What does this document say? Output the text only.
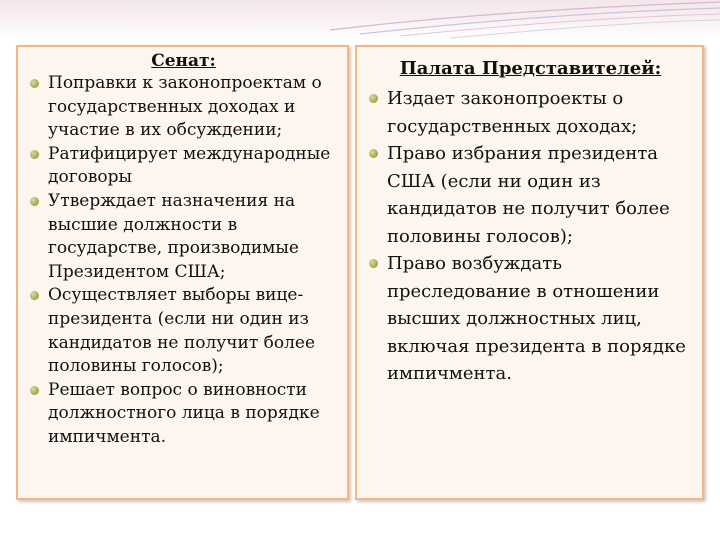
Сенат:

Поправки к законопроектам о государственных доходах и участие в их обсуждении;
Ратифицирует международные договоры
Утверждает назначения на высшие должности в государстве, производимые Президентом США;
Осуществляет выборы вице-президента (если ни один из кандидатов не получит более половины голосов);
Решает вопрос о виновности должностного лица в порядке импичмента.

Палата Представителей:

Издает законопроекты о государственных доходах;
Право избрания президента США (если ни один из кандидатов не получит более половины голосов);
Право возбуждать преследование в отношении высших должностных лиц, включая президента в порядке импичмента.
